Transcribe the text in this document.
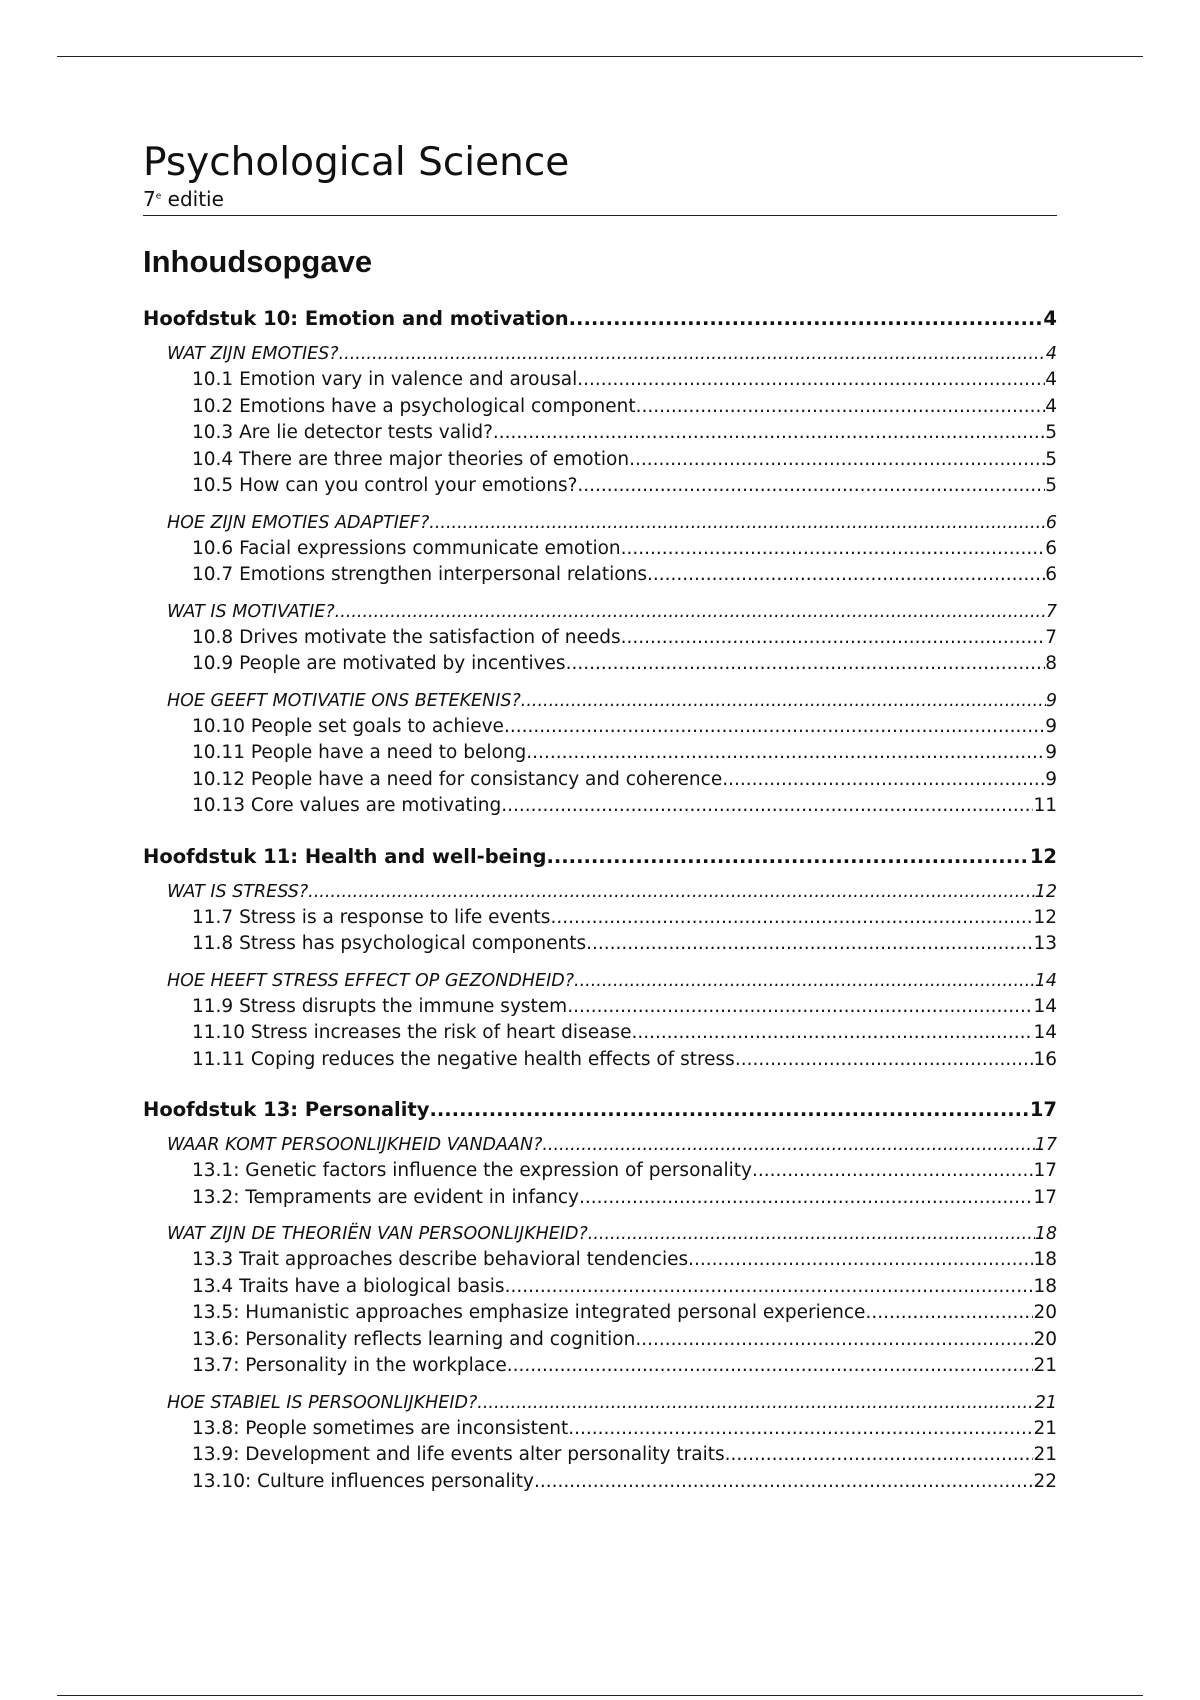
Psychological Science

7e editie

Inhoudsopgave
Hoofdstuk 10: Emotion and motivation .....	4
WAT ZIJN EMOTIES? .....	4
10.1 Emotion vary in valence and arousal .....	4
10.2 Emotions have a psychological component .....	4
10.3 Are lie detector tests valid? .....	5
10.4 There are three major theories of emotion .....	5
10.5 How can you control your emotions? .....	5
HOE ZIJN EMOTIES ADAPTIEF? .....	6
10.6 Facial expressions communicate emotion .....	6
10.7 Emotions strengthen interpersonal relations .....	6
WAT IS MOTIVATIE? .....	7
10.8 Drives motivate the satisfaction of needs .....	7
10.9 People are motivated by incentives .....	8
HOE GEEFT MOTIVATIE ONS BETEKENIS? .....	9
10.10 People set goals to achieve .....	9
10.11 People have a need to belong .....	9
10.12 People have a need for consistancy and coherence .....	9
10.13 Core values are motivating .....	11
Hoofdstuk 11: Health and well-being .....	12
WAT IS STRESS? .....	12
11.7 Stress is a response to life events .....	12
11.8 Stress has psychological components .....	13
HOE HEEFT STRESS EFFECT OP GEZONDHEID? .....	14
11.9 Stress disrupts the immune system .....	14
11.10 Stress increases the risk of heart disease .....	14
11.11 Coping reduces the negative health effects of stress .....	16
Hoofdstuk 13: Personality .....	17
WAAR KOMT PERSOONLIJKHEID VANDAAN? .....	17
13.1: Genetic factors influence the expression of personality .....	17
13.2: Tempraments are evident in infancy .....	17
WAT ZIJN DE THEORIËN VAN PERSOONLIJKHEID? .....	18
13.3 Trait approaches describe behavioral tendencies .....	18
13.4 Traits have a biological basis .....	18
13.5: Humanistic approaches emphasize integrated personal experience .....	20
13.6: Personality reflects learning and cognition .....	20
13.7: Personality in the workplace .....	21
HOE STABIEL IS PERSOONLIJKHEID? .....	21
13.8: People sometimes are inconsistent .....	21
13.9: Development and life events alter personality traits .....	21
13.10: Culture influences personality .....	22
